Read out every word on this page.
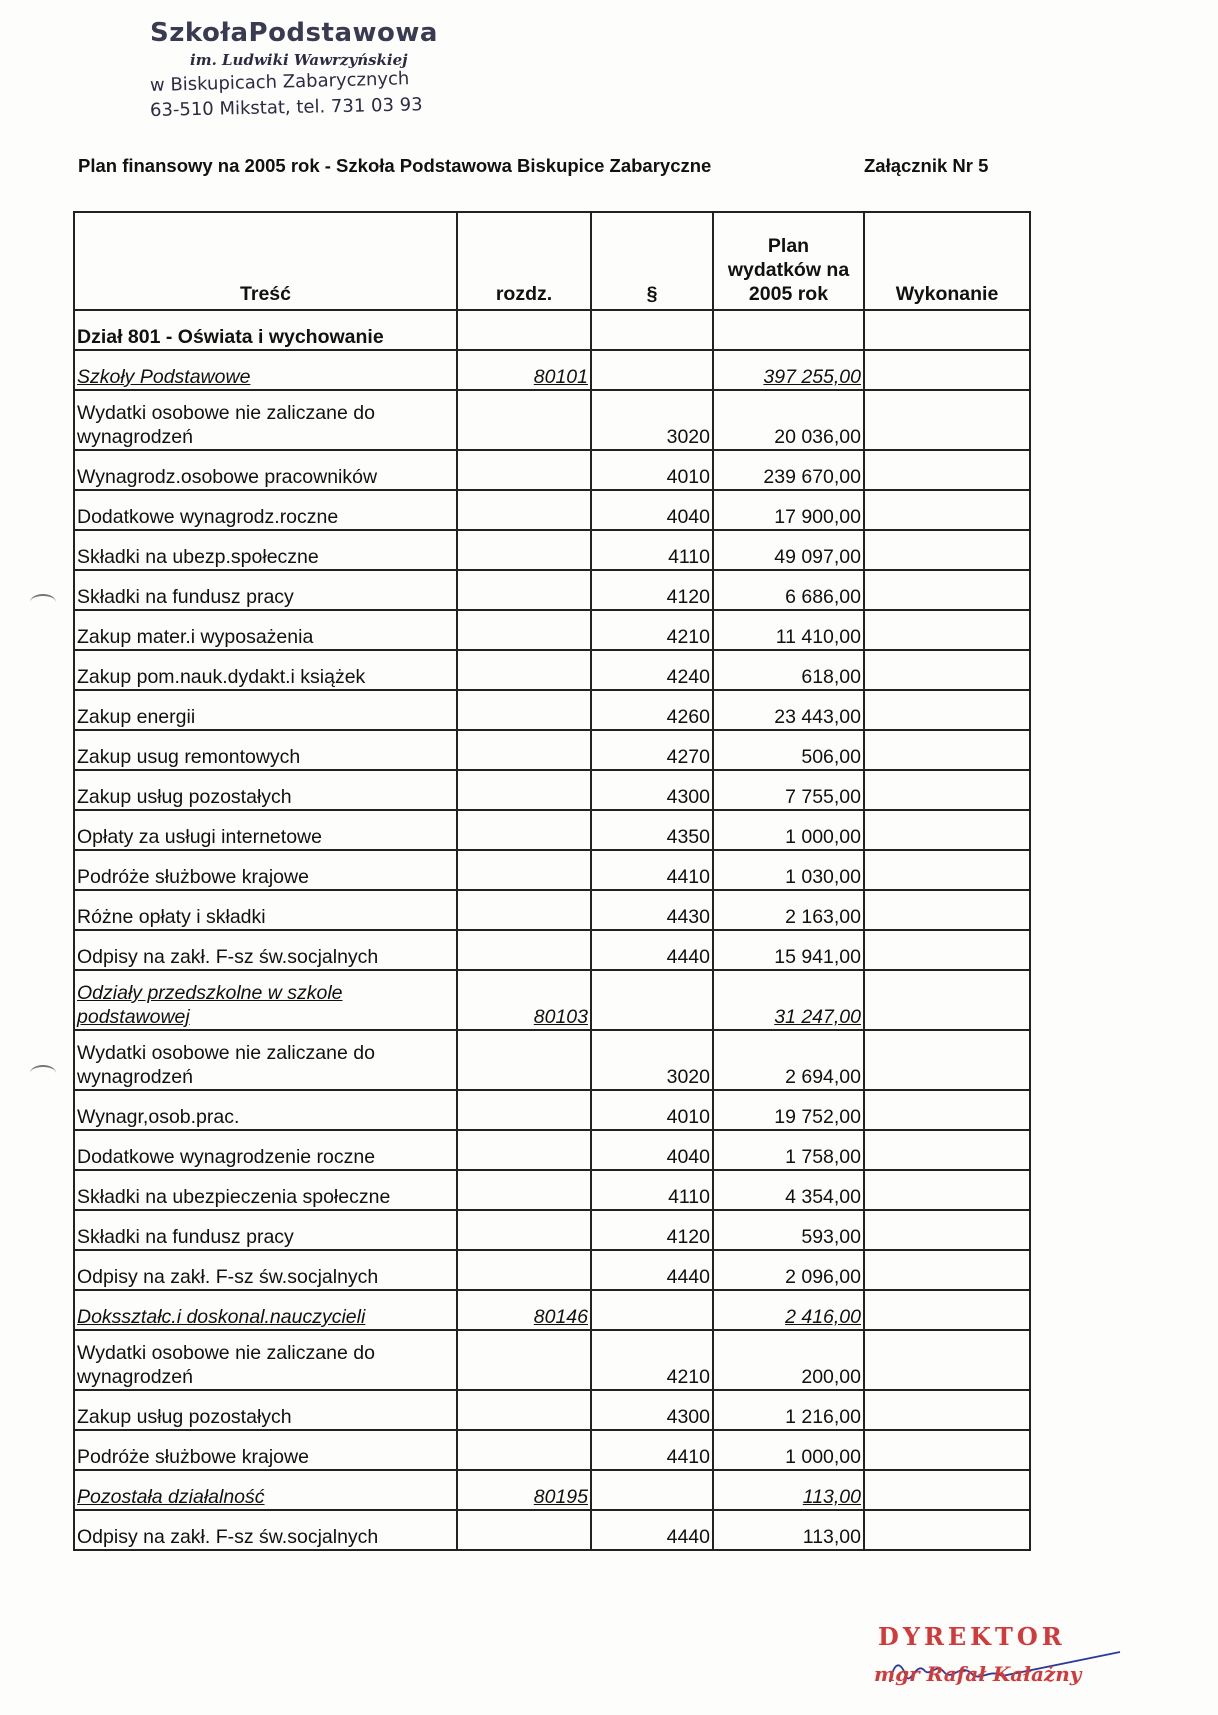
SzkołaPodstawowa
im. Ludwiki Wawrzyńskiej
w Biskupicach Zabarycznych
63-510 Mikstat, tel. 731 03 93
Plan finansowy na 2005 rok - Szkoła Podstawowa Biskupice Zabaryczne	Załącznik Nr 5
Treść	rozdz.	§	Plan
wydatków na
2005 rok	Wykonanie
Dział 801 - Oświata i wychowanie				
Szkoły Podstawowe	80101		397 255,00	
Wydatki osobowe nie zaliczane do wynagrodzeń		3020	20 036,00	
Wynagrodz.osobowe pracowników		4010	239 670,00	
Dodatkowe wynagrodz.roczne		4040	17 900,00	
Składki na ubezp.społeczne		4110	49 097,00	
Składki na fundusz pracy		4120	6 686,00	
Zakup mater.i wyposażenia		4210	11 410,00	
Zakup pom.nauk.dydakt.i książek		4240	618,00	
Zakup energii		4260	23 443,00	
Zakup usug remontowych		4270	506,00	
Zakup usług pozostałych		4300	7 755,00	
Opłaty za usługi internetowe		4350	1 000,00	
Podróże służbowe krajowe		4410	1 030,00	
Różne opłaty i składki		4430	2 163,00	
Odpisy na zakł. F-sz św.socjalnych		4440	15 941,00	
Odziały przedszkolne w szkole podstawowej	80103		31 247,00	
Wydatki osobowe nie zaliczane do wynagrodzeń		3020	2 694,00	
Wynagr,osob.prac.		4010	19 752,00	
Dodatkowe wynagrodzenie roczne		4040	1 758,00	
Składki na ubezpieczenia społeczne		4110	4 354,00	
Składki na fundusz pracy		4120	593,00	
Odpisy na zakł. F-sz św.socjalnych		4440	2 096,00	
Doksształc.i doskonal.nauczycieli	80146		2 416,00	
Wydatki osobowe nie zaliczane do wynagrodzeń		4210	200,00	
Zakup usług pozostałych		4300	1 216,00	
Podróże służbowe krajowe		4410	1 000,00	
Pozostała działalność	80195		113,00	
Odpisy na zakł. F-sz św.socjalnych		4440	113,00	
DYREKTOR
mgr Rafał Kałażny
